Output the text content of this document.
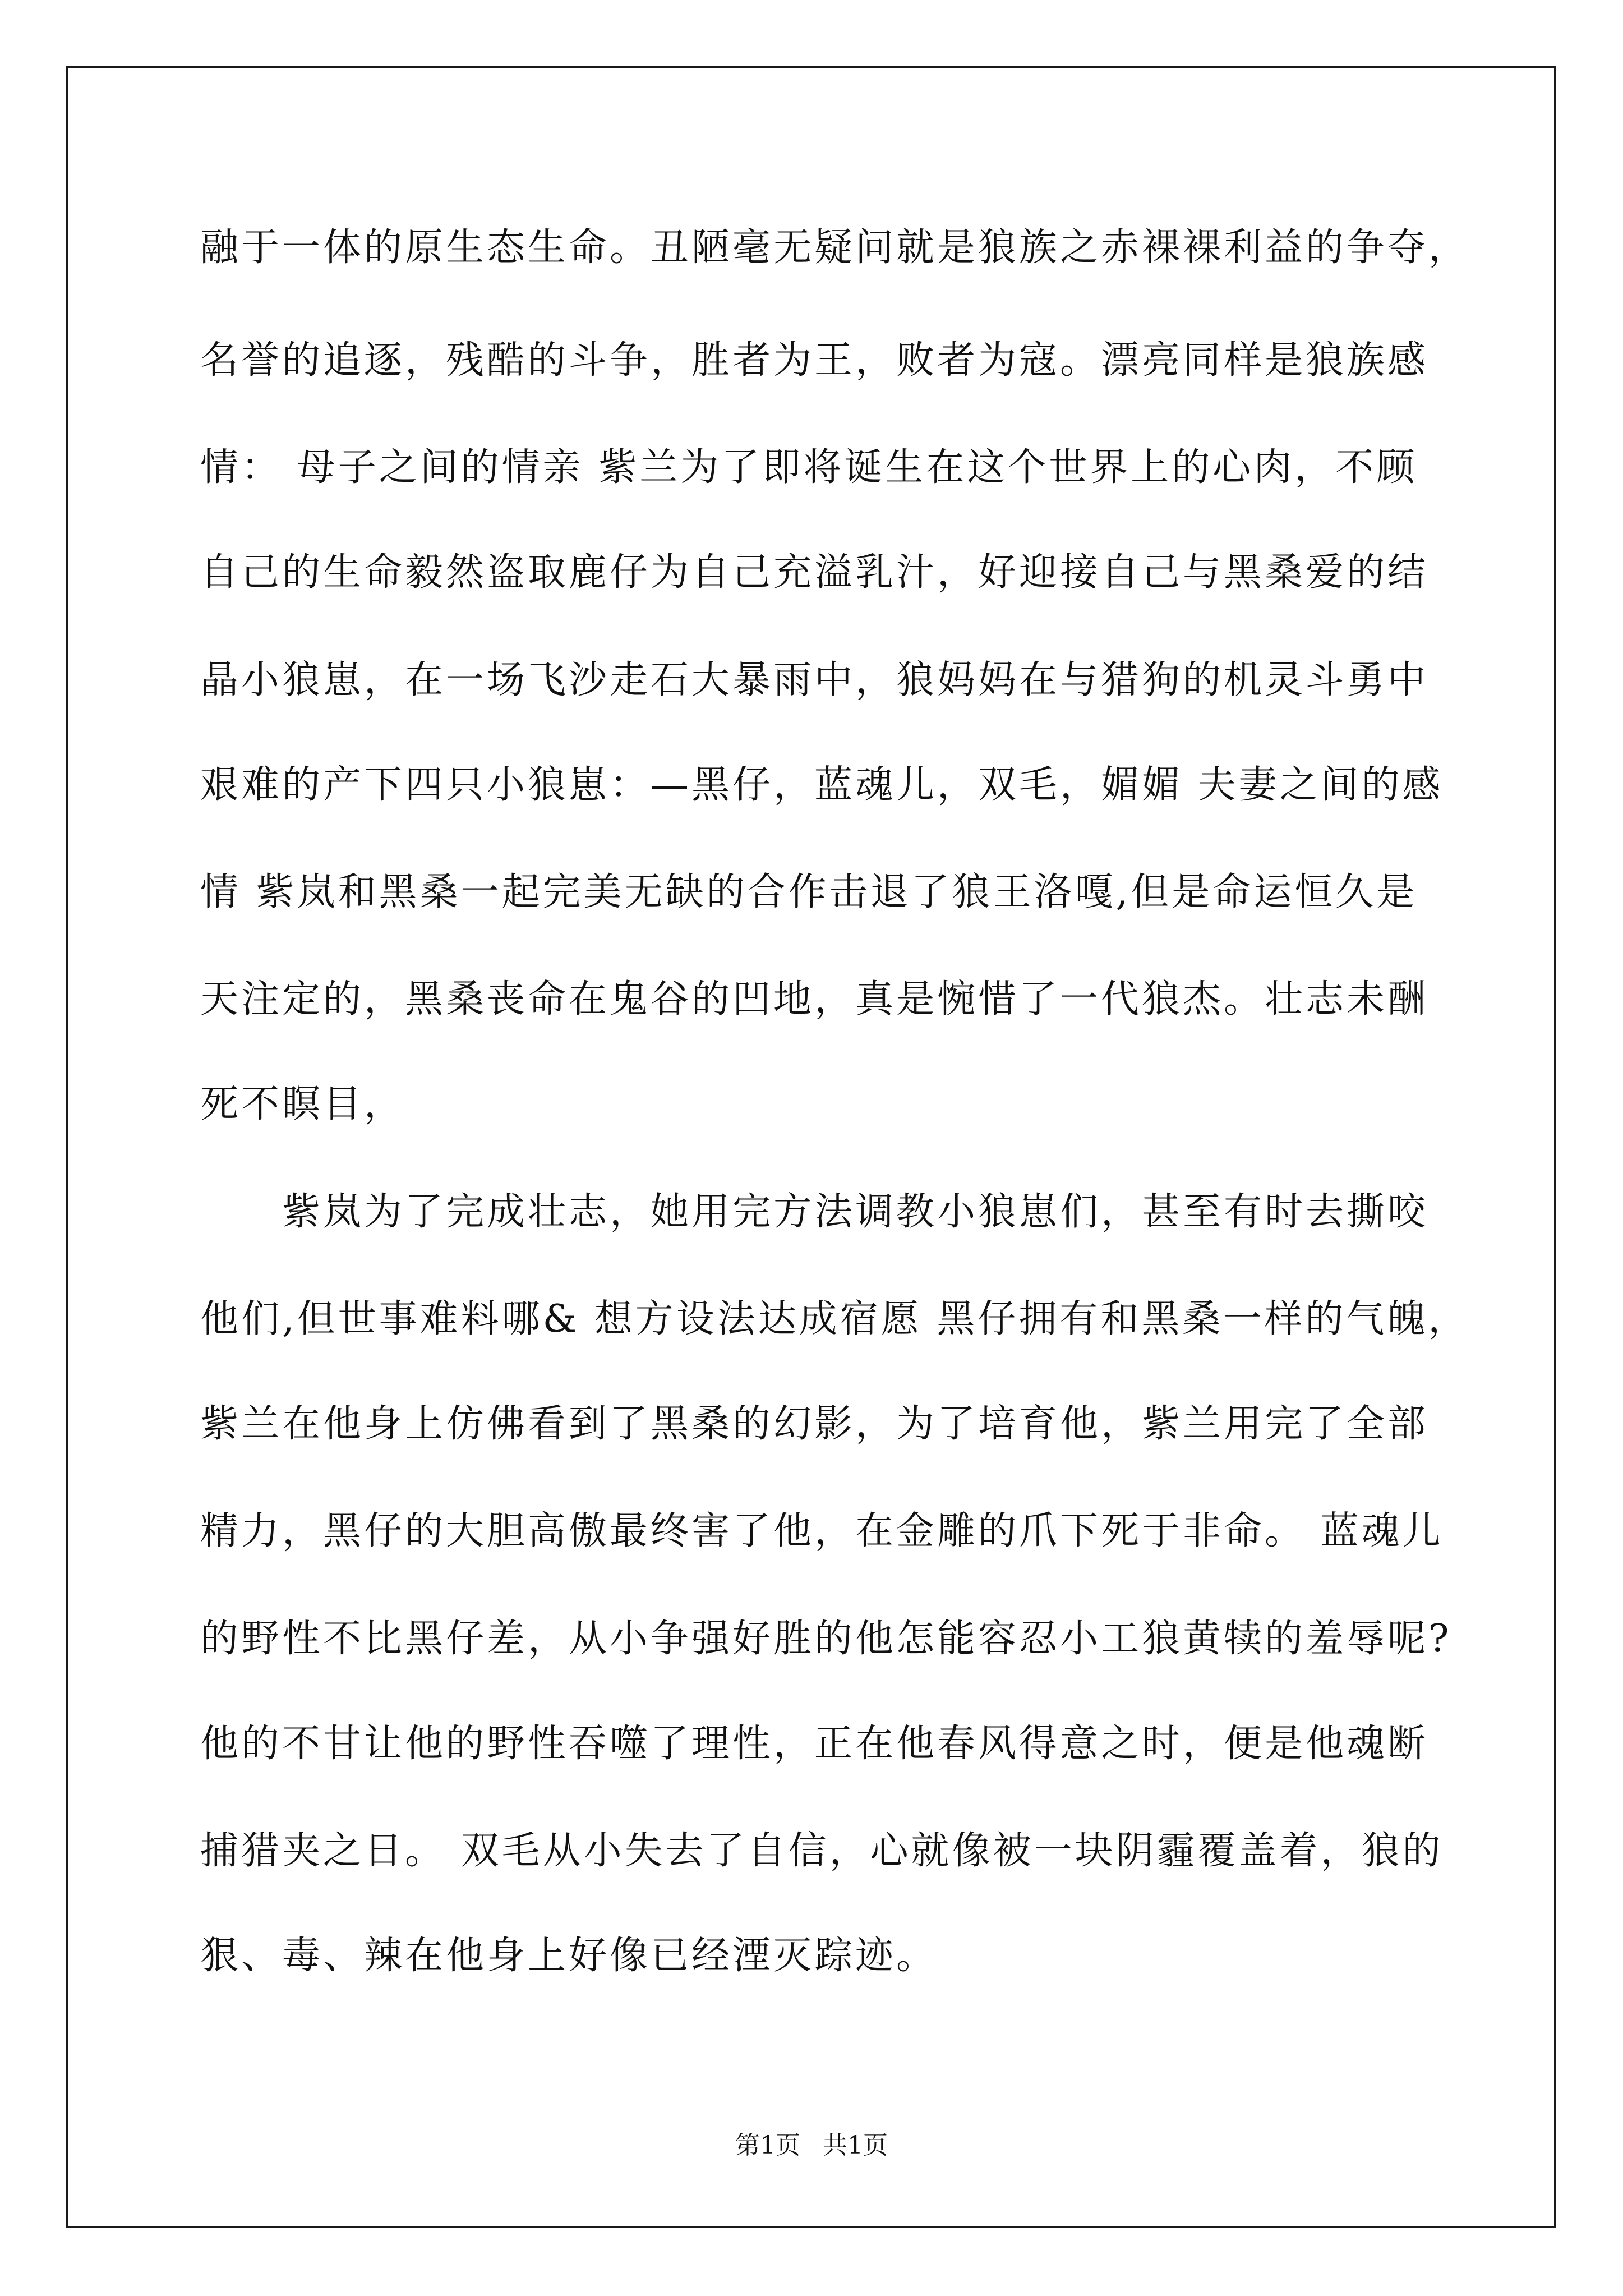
融于一体的原生态生命。丑陋毫无疑问就是狼族之赤裸裸利益的争夺，
名誉的追逐，残酷的斗争，胜者为王，败者为寇。漂亮同样是狼族感
情： 母子之间的情亲 紫兰为了即将诞生在这个世界上的心肉，不顾
自己的生命毅然盗取鹿仔为自己充溢乳汁，好迎接自己与黑桑爱的结
晶小狼崽，在一场飞沙走石大暴雨中，狼妈妈在与猎狗的机灵斗勇中
艰难的产下四只小狼崽：—黑仔，蓝魂儿，双毛，媚媚 夫妻之间的感
情 紫岚和黑桑一起完美无缺的合作击退了狼王洛嘎,但是命运恒久是
天注定的，黑桑丧命在鬼谷的凹地，真是惋惜了一代狼杰。壮志未酬
死不瞑目，
　　紫岚为了完成壮志，她用完方法调教小狼崽们，甚至有时去撕咬
他们,但世事难料哪& 想方设法达成宿愿 黑仔拥有和黑桑一样的气魄，
紫兰在他身上仿佛看到了黑桑的幻影，为了培育他，紫兰用完了全部
精力，黑仔的大胆高傲最终害了他，在金雕的爪下死于非命。 蓝魂儿
的野性不比黑仔差，从小争强好胜的他怎能容忍小工狼黄犊的羞辱呢?
他的不甘让他的野性吞噬了理性，正在他春风得意之时，便是他魂断
捕猎夹之日。 双毛从小失去了自信，心就像被一块阴霾覆盖着，狼的
狠、毒、辣在他身上好像已经湮灭踪迹。
第1页 共1页
